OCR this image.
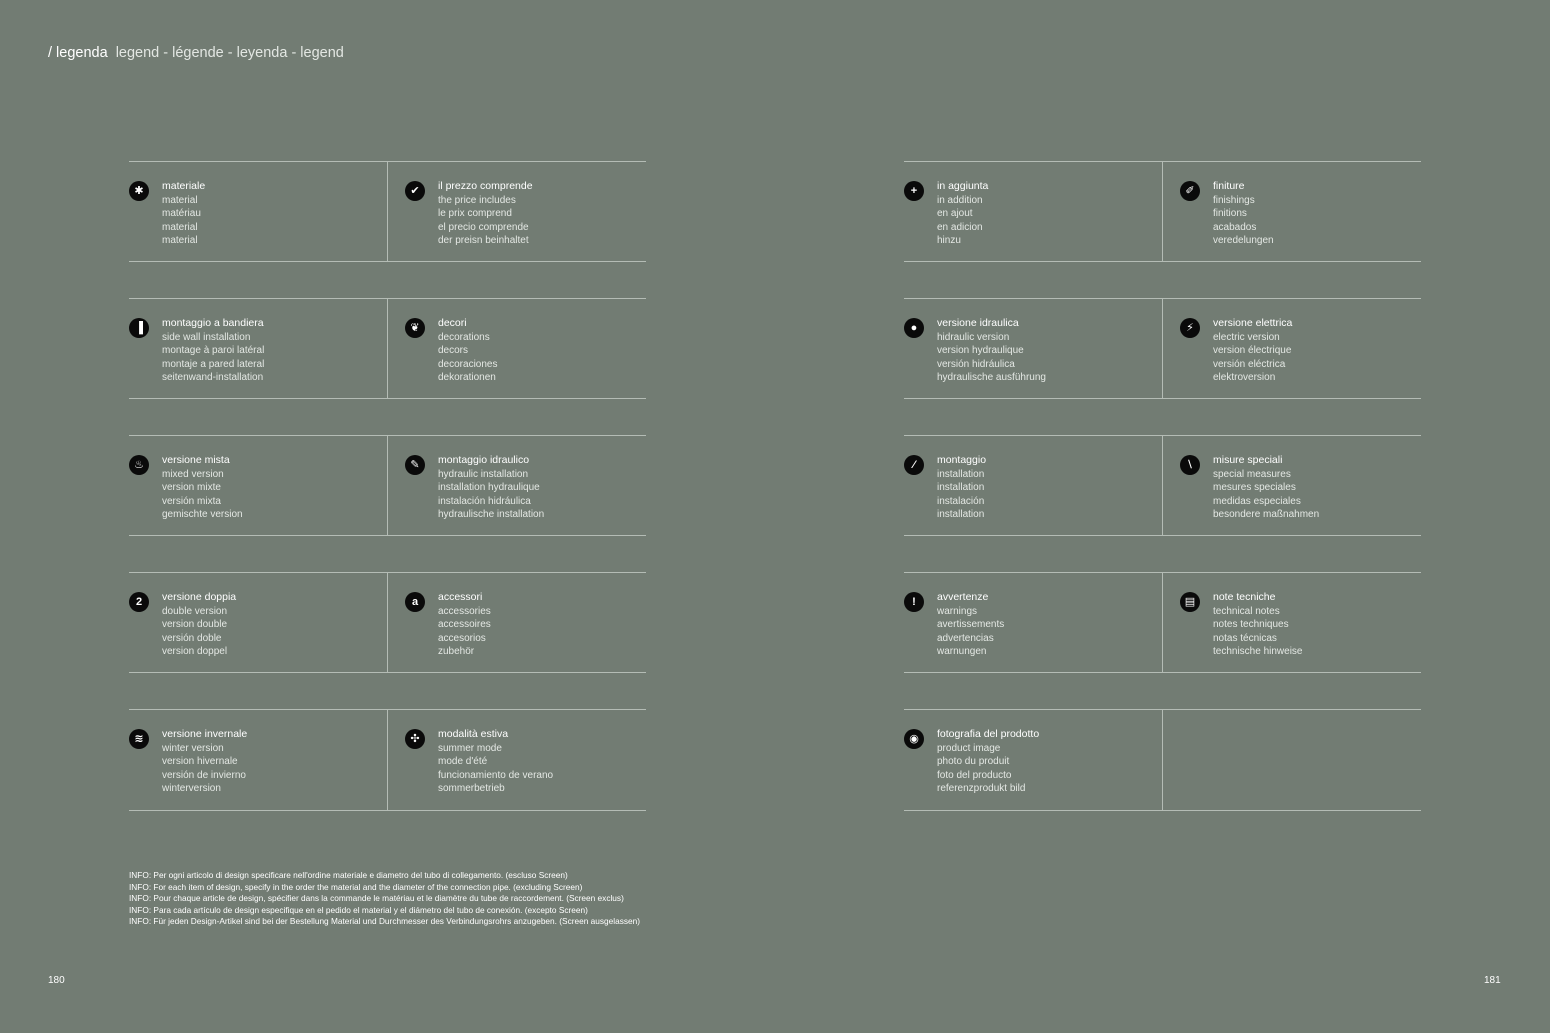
/ legenda legend - légende - leyenda - legend
✱	materiale
material
matériau
material
material
✔	il prezzo comprende
the price includes
le prix comprend
el precio comprende
der preisn beinhaltet
▐	montaggio a bandiera
side wall installation
montage à paroi latéral
montaje a pared lateral
seitenwand-installation
❦	decori
decorations
decors
decoraciones
dekorationen
♨	versione mista
mixed version
version mixte
versión mixta
gemischte version
✎	montaggio idraulico
hydraulic installation
installation hydraulique
instalación hidráulica
hydraulische installation
2	versione doppia
double version
version double
versión doble
version doppel
a	accessori
accessories
accessoires
accesorios
zubehör
≋	versione invernale
winter version
version hivernale
versión de invierno
winterversion
✣	modalità estiva
summer mode
mode d'été
funcionamiento de verano
sommerbetrieb
+	in aggiunta
in addition
en ajout
en adicion
hinzu
✐	finiture
finishings
finitions
acabados
veredelungen
●	versione idraulica
hidraulic version
version hydraulique
versión hidráulica
hydraulische ausführung
⚡	versione elettrica
electric version
version électrique
versión eléctrica
elektroversion
⁄	montaggio
installation
installation
instalación
installation
⧵	misure speciali
special measures
mesures speciales
medidas especiales
besondere maßnahmen
!	avvertenze
warnings
avertissements
advertencias
warnungen
▤	note tecniche
technical notes
notes techniques
notas técnicas
technische hinweise
◉	fotografia del prodotto
product image
photo du produit
foto del producto
referenzprodukt bild
INFO: Per ogni articolo di design specificare nell'ordine materiale e diametro del tubo di collegamento. (escluso Screen)
INFO: For each item of design, specify in the order the material and the diameter of the connection pipe. (excluding Screen)
INFO: Pour chaque article de design, spécifier dans la commande le matériau et le diamètre du tube de raccordement. (Screen exclus)
INFO: Para cada artículo de design especifique en el pedido el material y el diámetro del tubo de conexión. (excepto Screen)
INFO: Für jeden Design-Artikel sind bei der Bestellung Material und Durchmesser des Verbindungsrohrs anzugeben. (Screen ausgelassen)
180	181
